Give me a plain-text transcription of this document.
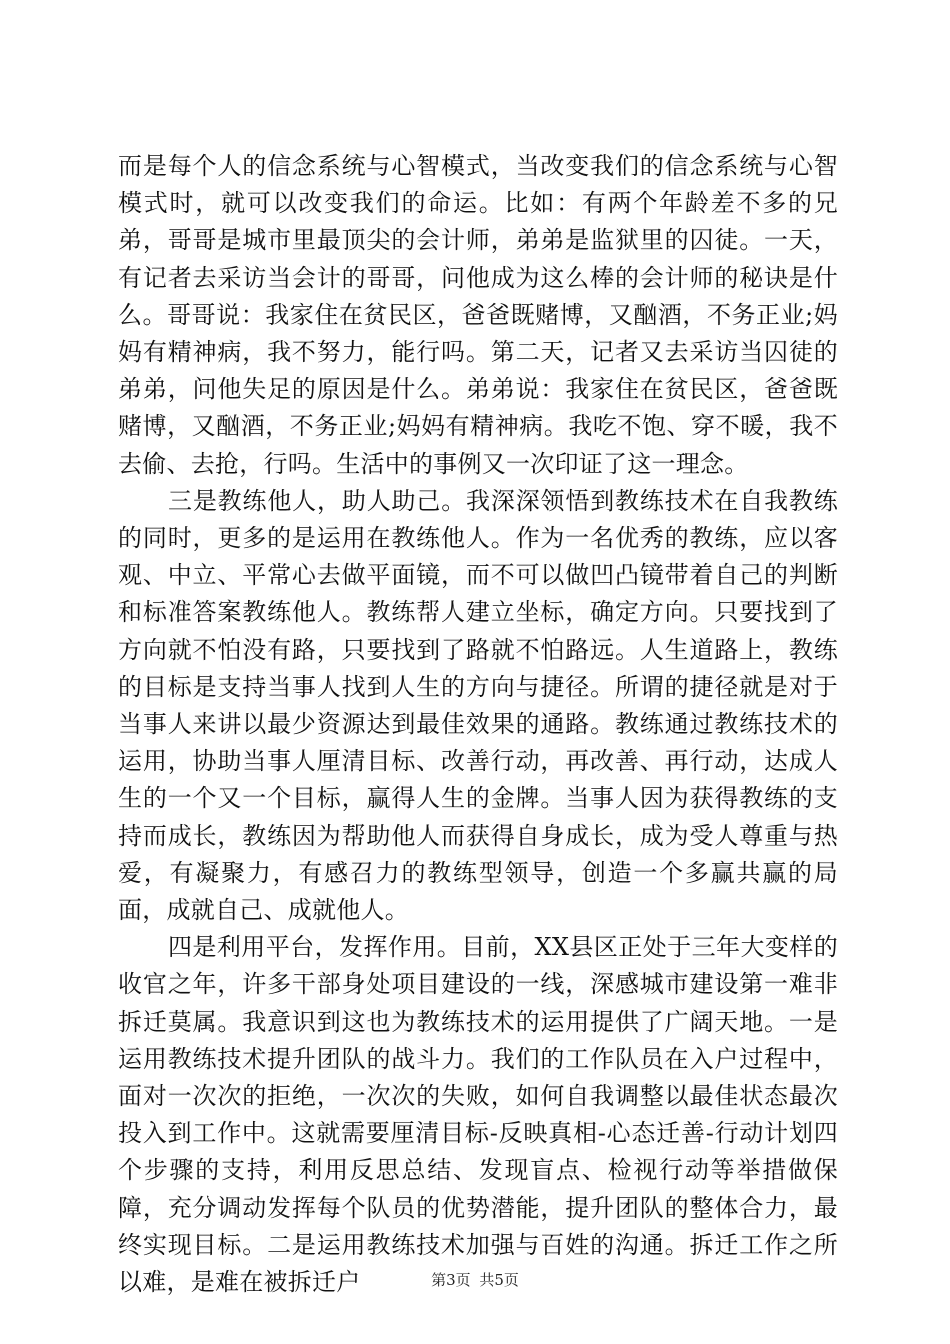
而是每个人的信念系统与心智模式，当改变我们的信念系统与心智模式时，就可以改变我们的命运。比如：有两个年龄差不多的兄弟，哥哥是城市里最顶尖的会计师，弟弟是监狱里的囚徒。一天，有记者去采访当会计的哥哥，问他成为这么棒的会计师的秘诀是什么。哥哥说：我家住在贫民区，爸爸既赌博，又酗酒，不务正业;妈妈有精神病，我不努力，能行吗。第二天，记者又去采访当囚徒的弟弟，问他失足的原因是什么。弟弟说：我家住在贫民区，爸爸既赌博，又酗酒，不务正业;妈妈有精神病。我吃不饱、穿不暖，我不去偷、去抢，行吗。生活中的事例又一次印证了这一理念。

三是教练他人，助人助己。我深深领悟到教练技术在自我教练的同时，更多的是运用在教练他人。作为一名优秀的教练，应以客观、中立、平常心去做平面镜，而不可以做凹凸镜带着自己的判断和标准答案教练他人。教练帮人建立坐标，确定方向。只要找到了方向就不怕没有路，只要找到了路就不怕路远。人生道路上，教练的目标是支持当事人找到人生的方向与捷径。所谓的捷径就是对于当事人来讲以最少资源达到最佳效果的通路。教练通过教练技术的运用，协助当事人厘清目标、改善行动，再改善、再行动，达成人生的一个又一个目标，赢得人生的金牌。当事人因为获得教练的支持而成长，教练因为帮助他人而获得自身成长，成为受人尊重与热爱，有凝聚力，有感召力的教练型领导，创造一个多赢共赢的局面，成就自己、成就他人。

四是利用平台，发挥作用。目前，XX县区正处于三年大变样的收官之年，许多干部身处项目建设的一线，深感城市建设第一难非拆迁莫属。我意识到这也为教练技术的运用提供了广阔天地。一是运用教练技术提升团队的战斗力。我们的工作队员在入户过程中，面对一次次的拒绝，一次次的失败，如何自我调整以最佳状态最次投入到工作中。这就需要厘清目标-反映真相-心态迁善-行动计划四个步骤的支持，利用反思总结、发现盲点、检视行动等举措做保障，充分调动发挥每个队员的优势潜能，提升团队的整体合力，最终实现目标。二是运用教练技术加强与百姓的沟通。拆迁工作之所以难，是难在被拆迁户	第3页 共5页
